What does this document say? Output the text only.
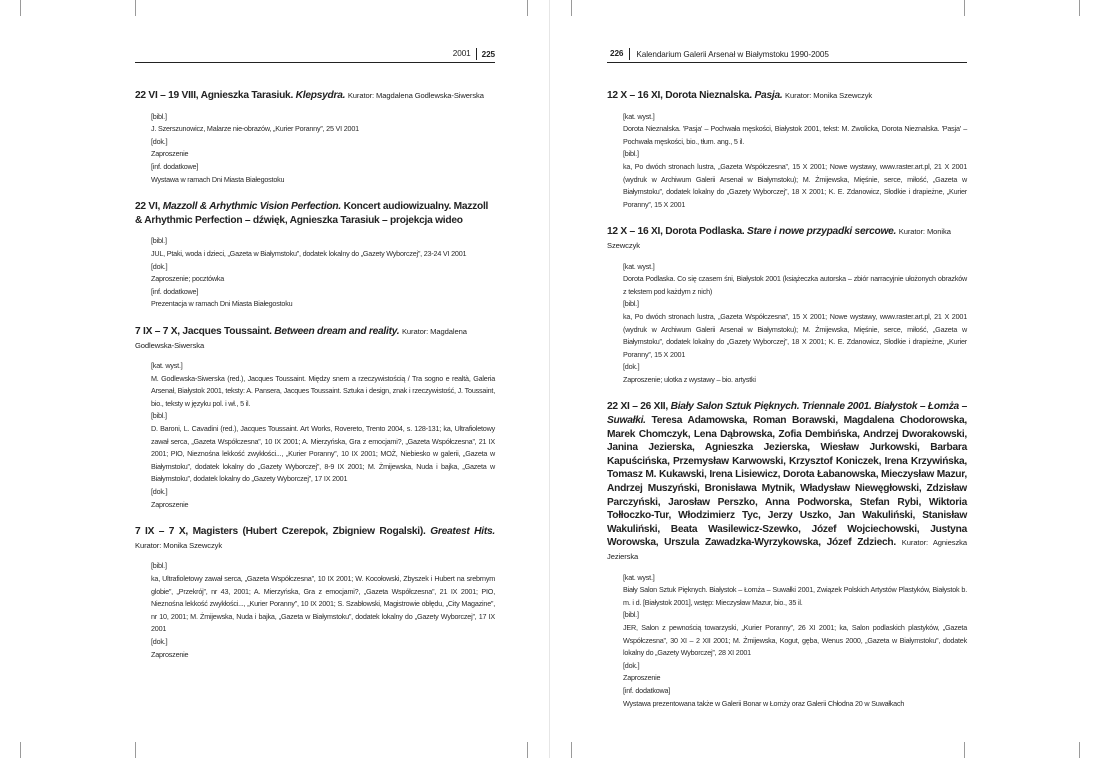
2001	225
22 VI – 19 VIII, Agnieszka Tarasiuk. Klepsydra. Kurator: Magdalena Godlewska-Siwerska
[bibl.]
J. Szerszunowicz, Malarze nie-obrazów, „Kurier Poranny”, 25 VI 2001
[dok.]
Zaproszenie
[inf. dodatkowe]
Wystawa w ramach Dni Miasta Białegostoku
22 VI, Mazzoll & Arhythmic Vision Perfection. Koncert audiowizualny. Mazzoll & Arhythmic Perfection – dźwięk, Agnieszka Tarasiuk – projekcja wideo
[bibl.]
JUL, Ptaki, woda i dzieci, „Gazeta w Białymstoku”, dodatek lokalny do „Gazety Wyborczej”, 23-24 VI 2001
[dok.]
Zaproszenie; pocztówka
[inf. dodatkowe]
Prezentacja w ramach Dni Miasta Białegostoku
7 IX – 7 X, Jacques Toussaint. Between dream and reality. Kurator: Magdalena Godlewska-Siwerska
[kat. wyst.]
M. Godlewska-Siwerska (red.), Jacques Toussaint. Między snem a rzeczywistością / Tra sogno e realtà, Galeria Arsenał, Białystok 2001, teksty: A. Pansera, Jacques Toussaint. Sztuka i design, znak i rzeczywistość, J. Toussaint, bio., teksty w języku pol. i wł., 5 il.
[bibl.]
D. Baroni, L. Cavadini (red.), Jacques Toussaint. Art Works, Rovereto, Trento 2004, s. 128-131; ka, Ultrafioletowy zawał serca, „Gazeta Współczesna”, 10 IX 2001; A. Mierzyńska, Gra z emocjami?, „Gazeta Współczesna”, 21 IX 2001; PIO, Nieznośna lekkość zwykłości..., „Kurier Poranny”, 10 IX 2001; MOŻ, Niebiesko w galerii, „Gazeta w Białymstoku”, dodatek lokalny do „Gazety Wyborczej”, 8-9 IX 2001; M. Żmijewska, Nuda i bajka, „Gazeta w Białymstoku”, dodatek lokalny do „Gazety Wyborczej”, 17 IX 2001
[dok.]
Zaproszenie
7 IX – 7 X, Magisters (Hubert Czerepok, Zbigniew Rogalski). Greatest Hits. Kurator: Monika Szewczyk
[bibl.]
ka, Ultrafioletowy zawał serca, „Gazeta Współczesna”, 10 IX 2001; W. Kocołowski, Zbyszek i Hubert na srebrnym globie”, „Przekrój”, nr 43, 2001; A. Mierzyńska, Gra z emocjami?, „Gazeta Współczesna”, 21 IX 2001; PIO, Nieznośna lekkość zwykłości..., „Kurier Poranny”, 10 IX 2001; S. Szabłowski, Magistrowie obłędu, „City Magazine”, nr 10, 2001; M. Żmijewska, Nuda i bajka, „Gazeta w Białymstoku”, dodatek lokalny do „Gazety Wyborczej”, 17 IX 2001
[dok.]
Zaproszenie
226	Kalendarium Galerii Arsenał w Białymstoku 1990-2005
12 X – 16 XI, Dorota Nieznalska. Pasja. Kurator: Monika Szewczyk
[kat. wyst.]
Dorota Nieznalska. 'Pasja' – Pochwała męskości, Białystok 2001, tekst: M. Zwolicka, Dorota Nieznalska. 'Pasja' – Pochwała męskości, bio., tłum. ang., 5 il.
[bibl.]
ka, Po dwóch stronach lustra, „Gazeta Współczesna”, 15 X 2001; Nowe wystawy, www.raster.art.pl, 21 X 2001 (wydruk w Archiwum Galerii Arsenał w Białymstoku); M. Żmijewska, Mięśnie, serce, miłość, „Gazeta w Białymstoku”, dodatek lokalny do „Gazety Wyborczej”, 18 X 2001; K. E. Zdanowicz, Słodkie i drapieżne, „Kurier Poranny”, 15 X 2001
12 X – 16 XI, Dorota Podlaska. Stare i nowe przypadki sercowe. Kurator: Monika Szewczyk
[kat. wyst.]
Dorota Podlaska. Co się czasem śni, Białystok 2001 (książeczka autorska – zbiór narracyjnie ułożonych obrazków z tekstem pod każdym z nich)
[bibl.]
ka, Po dwóch stronach lustra, „Gazeta Współczesna”, 15 X 2001; Nowe wystawy, www.raster.art.pl, 21 X 2001 (wydruk w Archiwum Galerii Arsenał w Białymstoku); M. Żmijewska, Mięśnie, serce, miłość, „Gazeta w Białymstoku”, dodatek lokalny do „Gazety Wyborczej”, 18 X 2001; K. E. Zdanowicz, Słodkie i drapieżne, „Kurier Poranny”, 15 X 2001
[dok.]
Zaproszenie; ulotka z wystawy – bio. artystki
22 XI – 26 XII, Biały Salon Sztuk Pięknych. Triennale 2001. Białystok – Łomża – Suwałki. Teresa Adamowska, Roman Borawski, Magdalena Chodorowska, Marek Chomczyk, Lena Dąbrowska, Zofia Dembińska, Andrzej Dworakowski, Janina Jezierska, Agnieszka Jezierska, Wiesław Jurkowski, Barbara Kapuścińska, Przemysław Karwowski, Krzysztof Koniczek, Irena Krzywińska, Tomasz M. Kukawski, Irena Lisiewicz, Dorota Łabanowska, Mieczysław Mazur, Andrzej Muszyński, Bronisława Mytnik, Władysław Niewęgłowski, Zdzisław Parczyński, Jarosław Perszko, Anna Podworska, Stefan Rybi, Wiktoria Tołłoczko-Tur, Włodzimierz Tyc, Jerzy Uszko, Jan Wakuliński, Stanisław Wakuliński, Beata Wasilewicz-Szewko, Józef Wojciechowski, Justyna Worowska, Urszula Zawadzka-Wyrzykowska, Józef Zdziech. Kurator: Agnieszka Jezierska
[kat. wyst.]
Biały Salon Sztuk Pięknych. Białystok – Łomża – Suwałki 2001, Związek Polskich Artystów Plastyków, Białystok b. m. i d. [Białystok 2001], wstęp: Mieczysław Mazur, bio., 35 il.
[bibl.]
JER, Salon z pewnością towarzyski, „Kurier Poranny”, 26 XI 2001; ka, Salon podlaskich plastyków, „Gazeta Współczesna”, 30 XI – 2 XII 2001; M. Żmijewska, Kogut, gęba, Wenus 2000, „Gazeta w Białymstoku”, dodatek lokalny do „Gazety Wyborczej”, 28 XI 2001
[dok.]
Zaproszenie
[inf. dodatkowa]
Wystawa prezentowana także w Galerii Bonar w Łomży oraz Galerii Chłodna 20 w Suwałkach
